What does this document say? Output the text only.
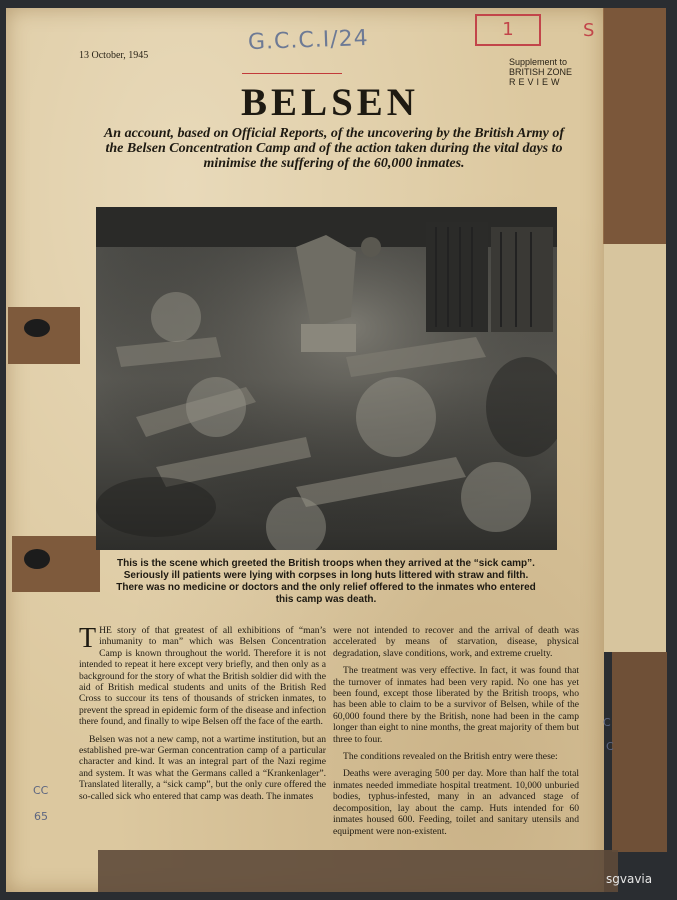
13 October, 1945
G.C.C.I/24	1	S
Supplement to
BRITISH ZONE
REVIEW
BELSEN
An account, based on Official Reports, of the uncovering by the British Army of the Belsen Concentration Camp and of the action taken during the vital days to minimise the suffering of the 60,000 inmates.
This is the scene which greeted the British troops when they arrived at the “sick camp”. Seriously ill patients were lying with corpses in long huts littered with straw and filth. There was no medicine or doctors and the only relief offered to the inmates who entered this camp was death.

THE story of that greatest of all exhibitions of “man’s inhumanity to man” which was Belsen Concentration Camp is known throughout the world. Therefore it is not intended to repeat it here except very briefly, and then only as a background for the story of what the British soldier did with the aid of British medical students and units of the British Red Cross to succour its tens of thousands of stricken inmates, to prevent the spread in epidemic form of the disease and infection there found, and finally to wipe Belsen off the face of the earth.

Belsen was not a new camp, not a wartime institution, but an established pre-war German concentration camp of a particular character and kind. It was an integral part of the Nazi regime and system. It was what the Germans called a “Krankenlager”. Translated literally, a “sick camp”, but the only cure offered the so-called sick who entered that camp was death. The inmates

were not intended to recover and the arrival of death was accelerated by means of starvation, disease, physical degradation, slave conditions, work, and extreme cruelty.

The treatment was very effective. In fact, it was found that the turnover of inmates had been very rapid. No one has yet been found, except those liberated by the British troops, who has been able to claim to be a survivor of Belsen, while of the 60,000 found there by the British, none had been in the camp longer than eight to nine months, the great majority of them but three to four.

The conditions revealed on the British entry were these:

Deaths were averaging 500 per day. More than half the total inmates needed immediate hospital treatment. 10,000 unburied bodies, typhus-infested, many in an advanced stage of decomposition, lay about the camp. Huts intended for 60 inmates housed 600. Feeding, toilet and sanitary utensils and equipment were non-existent.

CC
65
C
C
sgvavia
